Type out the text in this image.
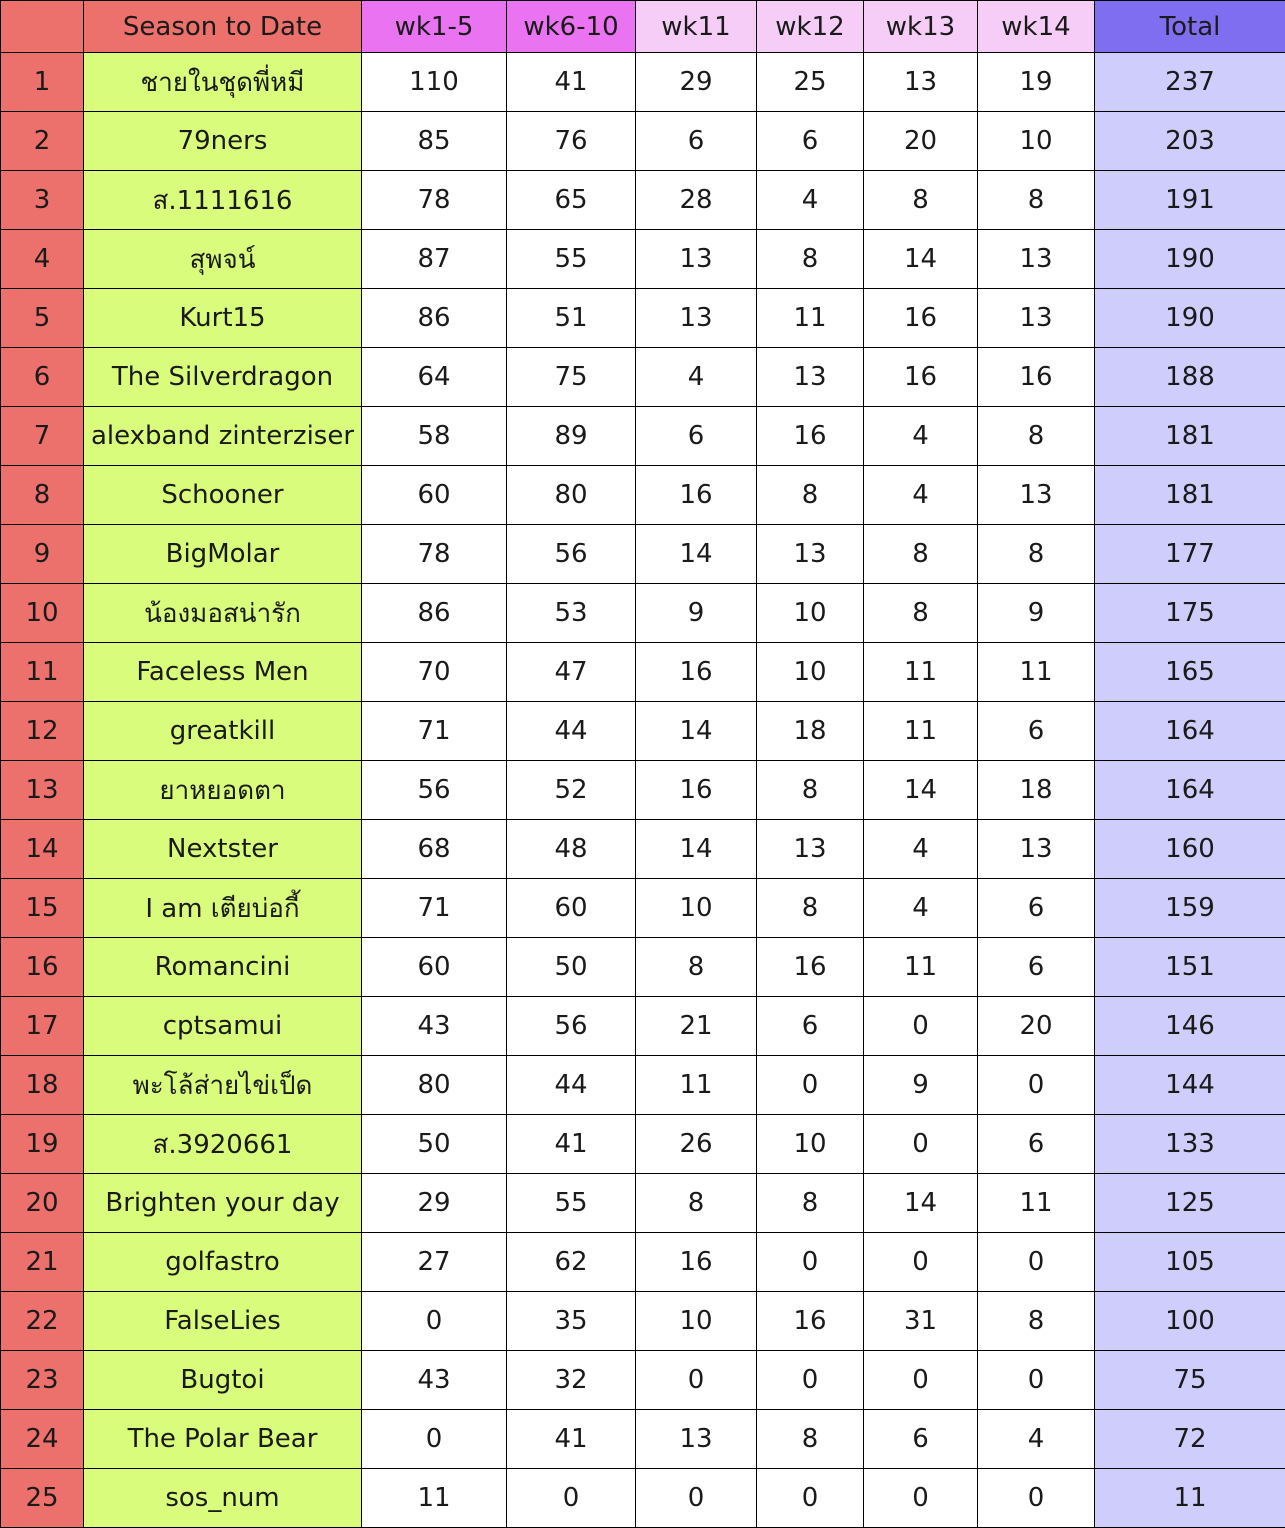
	Season to Date	wk1-5	wk6-10	wk11	wk12	wk13	wk14	Total
1	ชายในชุดพี่หมี	110	41	29	25	13	19	237
2	79ners	85	76	6	6	20	10	203
3	ส.1111616	78	65	28	4	8	8	191
4	สุพจน์	87	55	13	8	14	13	190
5	Kurt15	86	51	13	11	16	13	190
6	The Silverdragon	64	75	4	13	16	16	188
7	alexband zinterziser	58	89	6	16	4	8	181
8	Schooner	60	80	16	8	4	13	181
9	BigMolar	78	56	14	13	8	8	177
10	น้องมอสน่ารัก	86	53	9	10	8	9	175
11	Faceless Men	70	47	16	10	11	11	165
12	greatkill	71	44	14	18	11	6	164
13	ยาหยอดตา	56	52	16	8	14	18	164
14	Nextster	68	48	14	13	4	13	160
15	I am เตียบ่อกี้	71	60	10	8	4	6	159
16	Romancini	60	50	8	16	11	6	151
17	cptsamui	43	56	21	6	0	20	146
18	พะโล้ส่ายไข่เป็ด	80	44	11	0	9	0	144
19	ส.3920661	50	41	26	10	0	6	133
20	Brighten your day	29	55	8	8	14	11	125
21	golfastro	27	62	16	0	0	0	105
22	FalseLies	0	35	10	16	31	8	100
23	Bugtoi	43	32	0	0	0	0	75
24	The Polar Bear	0	41	13	8	6	4	72
25	sos_num	11	0	0	0	0	0	11
